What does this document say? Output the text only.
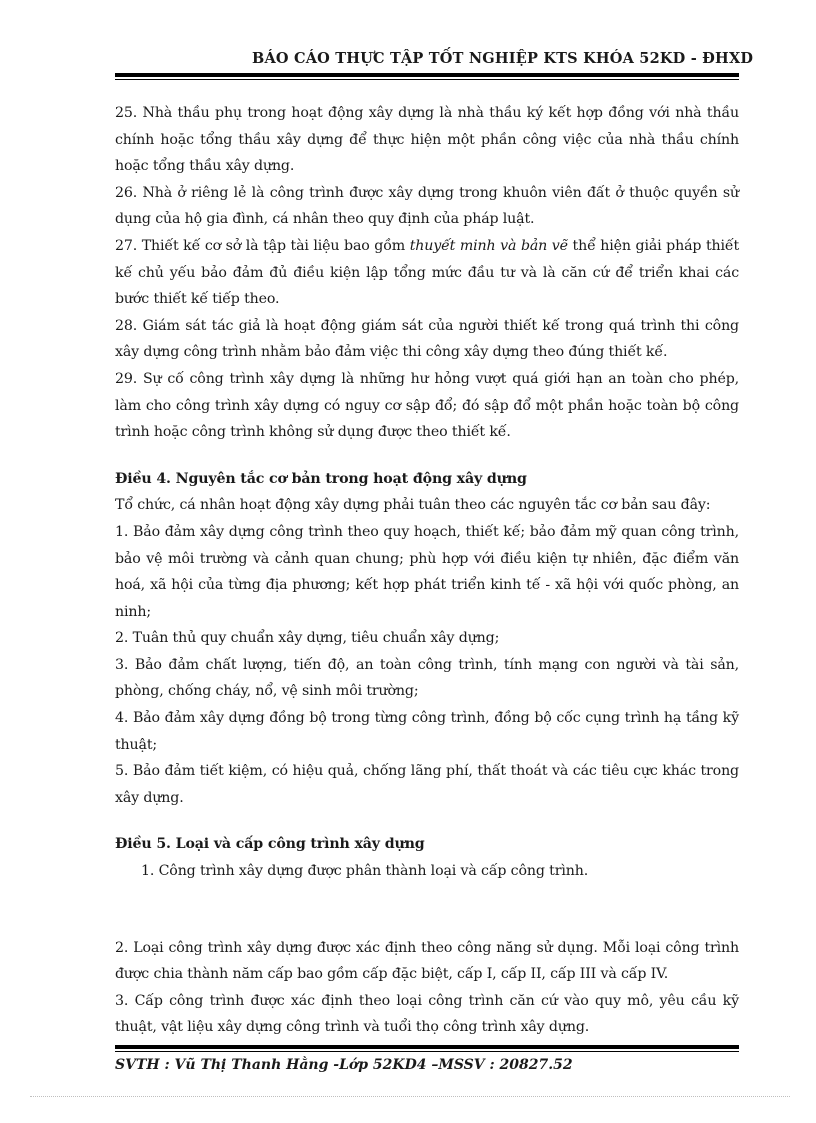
BÁO CÁO THỰC TẬP TỐT NGHIỆP KTS KHÓA 52KD - ĐHXD

25. Nhà thầu phụ trong hoạt động xây dựng là nhà thầu ký kết hợp đồng với nhà thầu chính hoặc tổng thầu xây dựng để thực hiện một phần công việc của nhà thầu chính hoặc tổng thầu xây dựng.

26. Nhà ở riêng lẻ là công trình được xây dựng trong khuôn viên đất ở thuộc quyền sử dụng của hộ gia đình, cá nhân theo quy định của pháp luật.

27. Thiết kế cơ sở là tập tài liệu bao gồm thuyết minh và bản vẽ thể hiện giải pháp thiết kế chủ yếu bảo đảm đủ điều kiện lập tổng mức đầu tư và là căn cứ để triển khai các bước thiết kế tiếp theo.

28. Giám sát tác giả là hoạt động giám sát của người thiết kế trong quá trình thi công xây dựng công trình nhằm bảo đảm việc thi công xây dựng theo đúng thiết kế.

29. Sự cố công trình xây dựng là những hư hỏng vượt quá giới hạn an toàn cho phép, làm cho công trình xây dựng có nguy cơ sập đổ; đó sập đổ một phần hoặc toàn bộ công trình hoặc công trình không sử dụng được theo thiết kế.

Điều 4. Nguyên tắc cơ bản trong hoạt động xây dựng

Tổ chức, cá nhân hoạt động xây dựng phải tuân theo các nguyên tắc cơ bản sau đây:

1. Bảo đảm xây dựng công trình theo quy hoạch, thiết kế; bảo đảm mỹ quan công trình, bảo vệ môi trường và cảnh quan chung; phù hợp với điều kiện tự nhiên, đặc điểm văn hoá, xã hội của từng địa phương; kết hợp phát triển kinh tế - xã hội với quốc phòng, an ninh;

2. Tuân thủ quy chuẩn xây dựng, tiêu chuẩn xây dựng;

3. Bảo đảm chất lượng, tiến độ, an toàn công trình, tính mạng con người và tài sản, phòng, chống cháy, nổ, vệ sinh môi trường;

4. Bảo đảm xây dựng đồng bộ trong từng công trình, đồng bộ cốc cụng trình hạ tầng kỹ thuật;

5. Bảo đảm tiết kiệm, có hiệu quả, chống lãng phí, thất thoát và các tiêu cực khác trong xây dựng.

Điều 5. Loại và cấp công trình xây dựng

1. Công trình xây dựng được phân thành loại và cấp công trình.

2. Loại công trình xây dựng được xác định theo công năng sử dụng. Mỗi loại công trình được chia thành năm cấp bao gồm cấp đặc biệt, cấp I, cấp II, cấp III và cấp IV.

3. Cấp công trình được xác định theo loại công trình căn cứ vào quy mô, yêu cầu kỹ thuật, vật liệu xây dựng công trình và tuổi thọ công trình xây dựng.

SVTH : Vũ Thị Thanh Hằng -Lớp 52KD4 –MSSV : 20827.52
